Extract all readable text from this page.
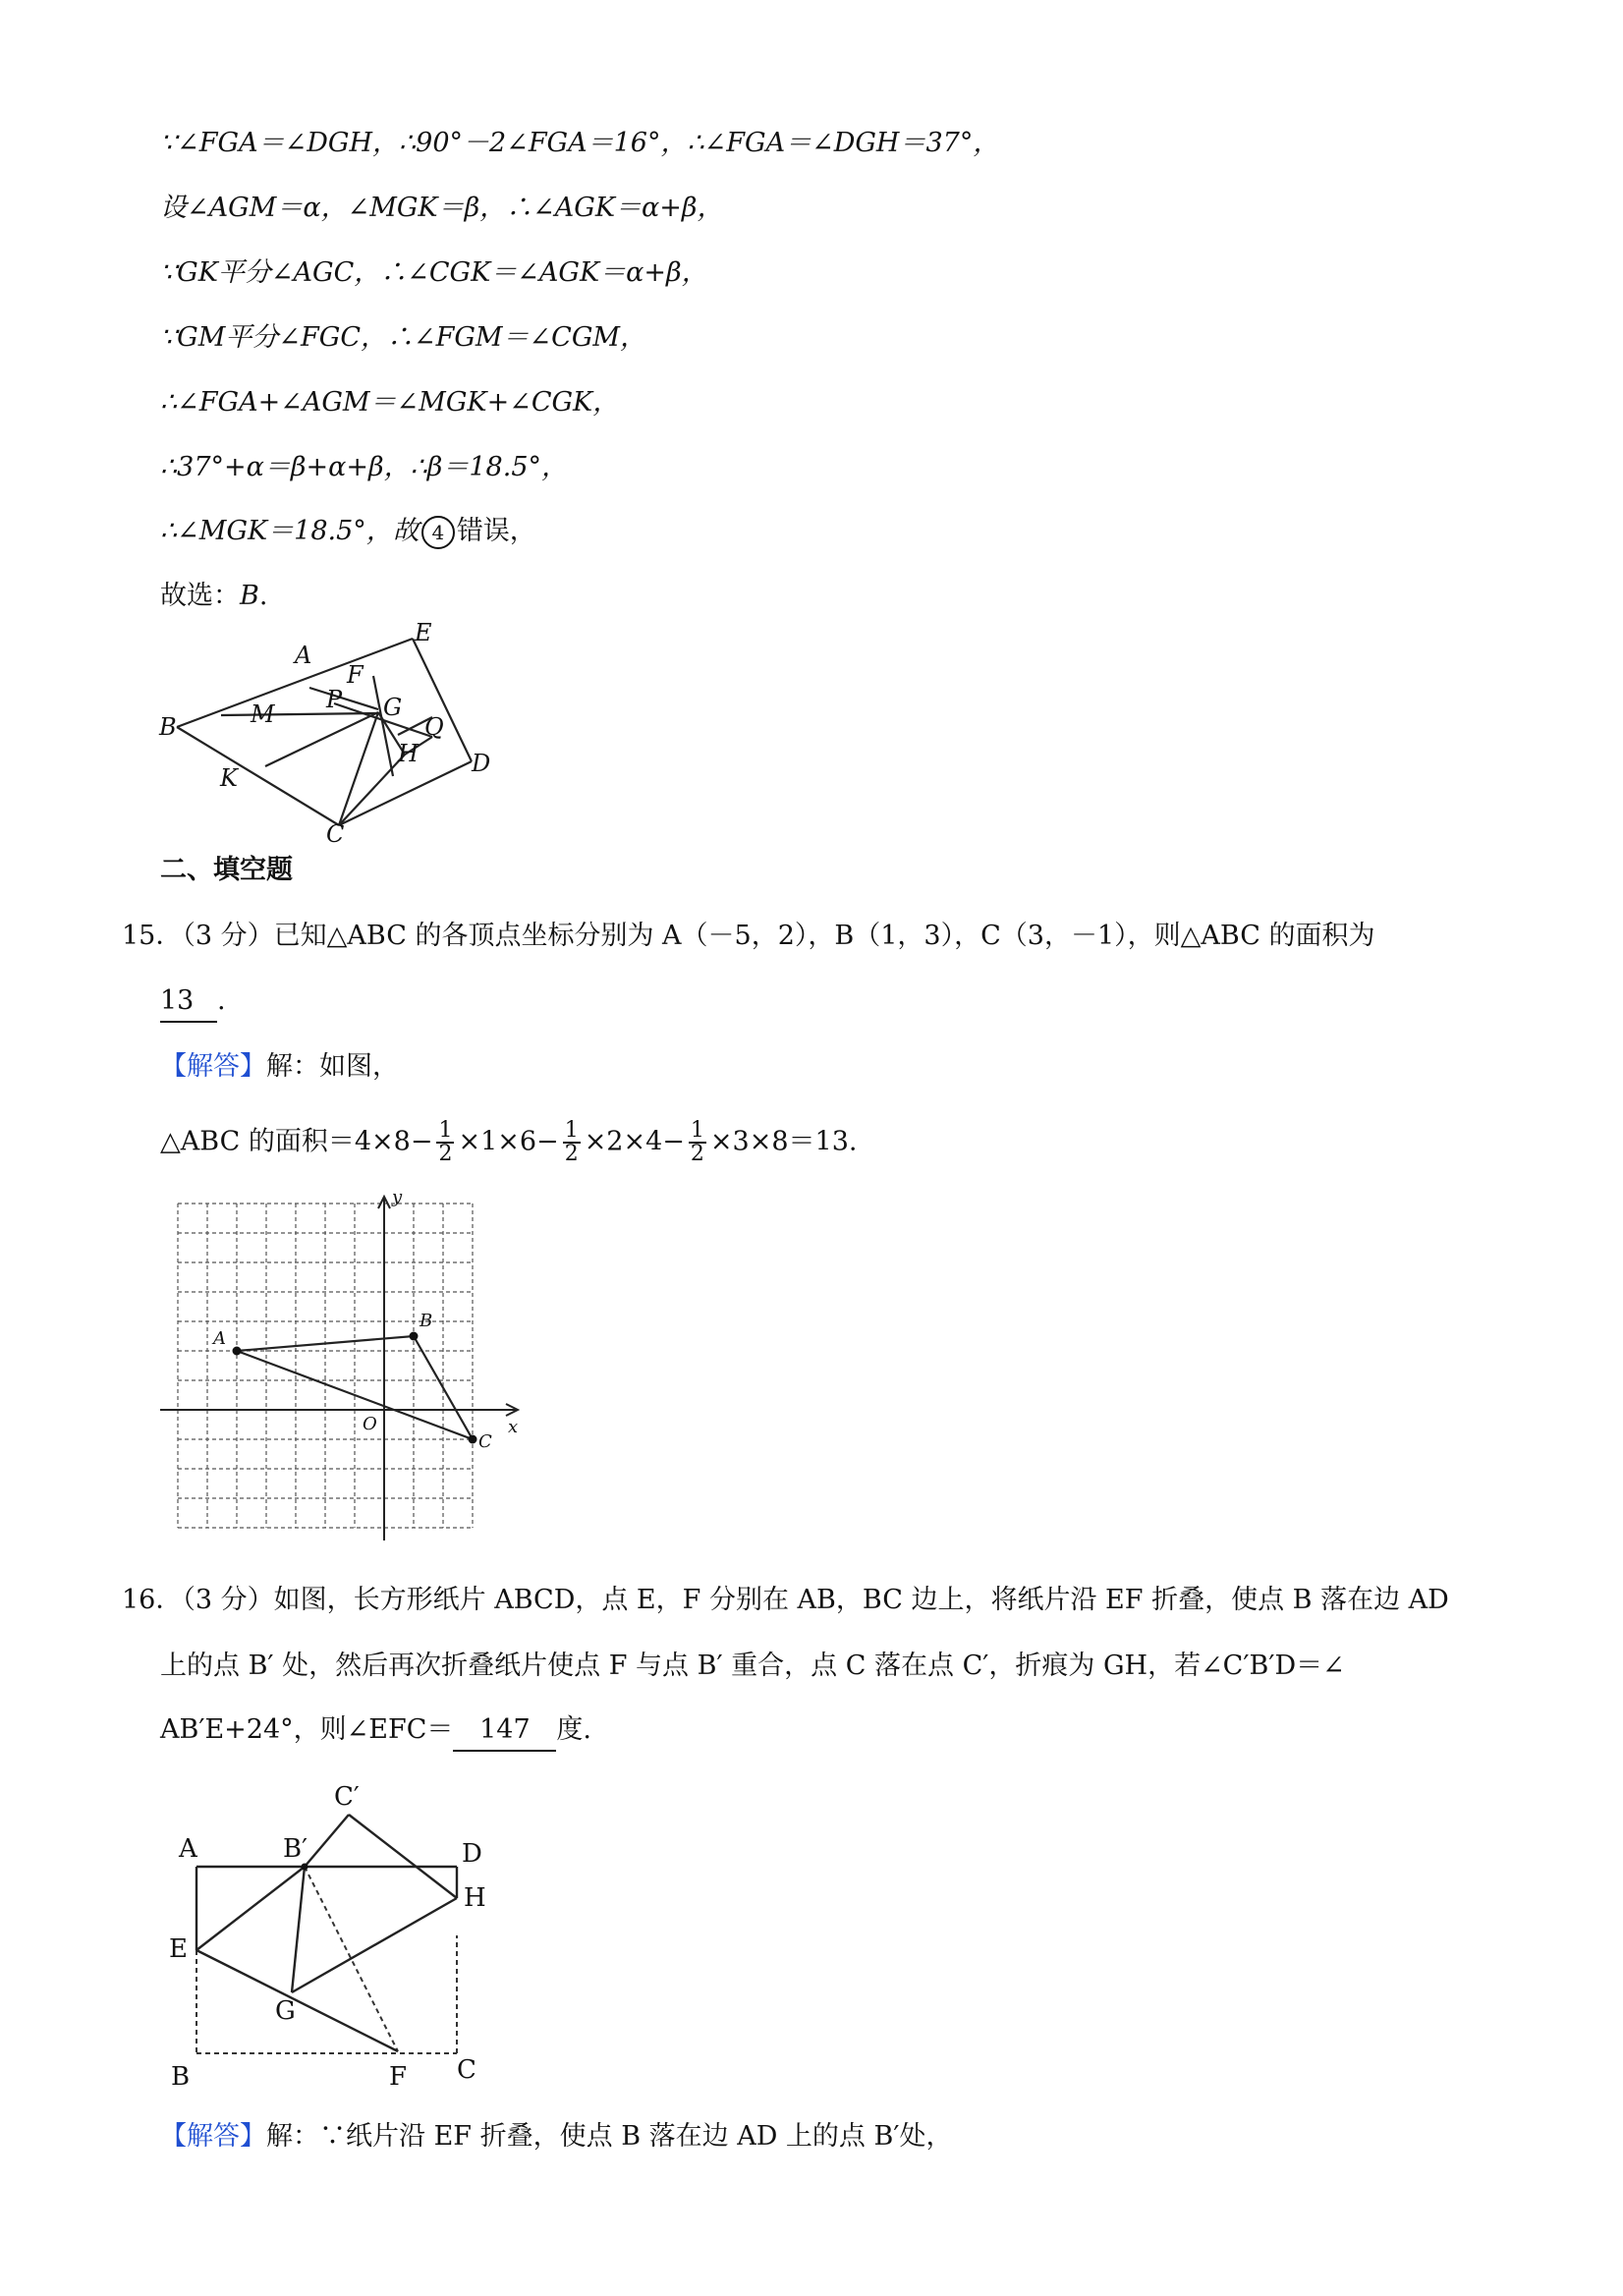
∵∠FGA＝∠DGH，∴90°－2∠FGA＝16°，∴∠FGA＝∠DGH＝37°，
设∠AGM＝α，∠MGK＝β，∴∠AGK＝α+β，
∵GK平分∠AGC，∴∠CGK＝∠AGK＝α+β，
∵GM平分∠FGC，∴∠FGM＝∠CGM，
∴∠FGA+∠AGM＝∠MGK+∠CGK，
∴37°+α＝β+α+β，∴β＝18.5°，
∴∠MGK＝18.5°，故 4 错误，
故选：B.
A
E
F
B	M
P G
Q
H D
K
C
二、填空题
15．（3 分）已知△ABC 的各顶点坐标分别为 A（－5，2），B（1，3），C（3，－1），则△ABC 的面积为
13 .
【解答】解：如图，
△ABC 的面积$=4\times 8- \frac{1}{2} \times 1\times 6- \frac{1}{2} \times 2\times 4- \frac{1}{2} \times 3\times 8=13$.
y
x
O
A
B
C
16．（3 分）如图，长方形纸片 ABCD，点 E，F 分别在 AB，BC 边上，将纸片沿 EF 折叠，使点 B 落在边 AD
上的点 B′ 处，然后再次折叠纸片使点 F 与点 B′ 重合，点 C 落在点 C′，折痕为 GH，若∠C′B′D＝∠
AB′E+24°，则∠EFC＝ 147 度.
C′
A	B′	D
H
E
G
B	F C
【解答】解：∵纸片沿 EF 折叠，使点 B 落在边 AD 上的点 B′处，
